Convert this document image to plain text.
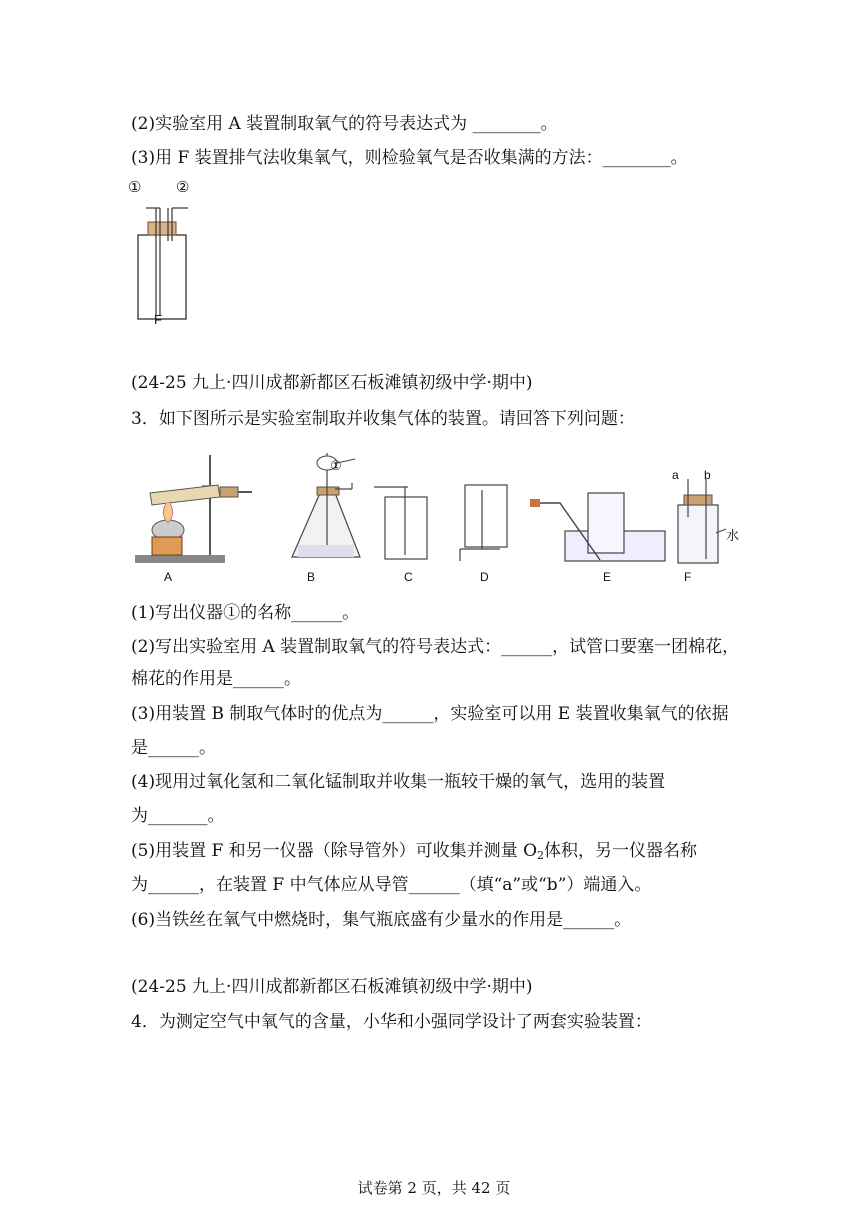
(2)实验室用 A 装置制取氧气的符号表达式为 ________。
(3)用 F 装置排气法收集氧气，则检验氧气是否收集满的方法：________。
① ②
F
(24-25 九上·四川成都新都区石板滩镇初级中学·期中)
3．如下图所示是实验室制取并收集气体的装置。请回答下列问题：
①
a b
水
A	B	C	D	E	F
(1)写出仪器①的名称______。
(2)写出实验室用 A 装置制取氧气的符号表达式：______，试管口要塞一团棉花，
棉花的作用是______。
(3)用装置 B 制取气体时的优点为______，实验室可以用 E 装置收集氧气的依据
是______。
(4)现用过氧化氢和二氧化锰制取并收集一瓶较干燥的氧气，选用的装置
为_______。
(5)用装置 F 和另一仪器（除导管外）可收集并测量 $O_2$体积，另一仪器名称
为______，在装置 F 中气体应从导管______（填“a”或“b”）端通入。
(6)当铁丝在氧气中燃烧时，集气瓶底盛有少量水的作用是______。
(24-25 九上·四川成都新都区石板滩镇初级中学·期中)
4．为测定空气中氧气的含量，小华和小强同学设计了两套实验装置：
试卷第 2 页，共 42 页
